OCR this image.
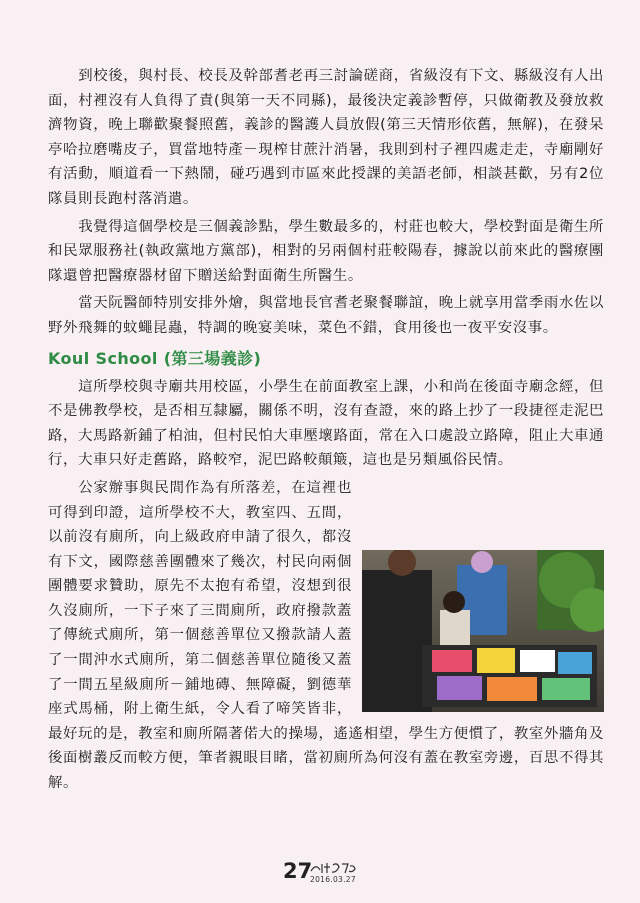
到校後，與村長、校長及幹部耆老再三討論磋商，省級沒有下文、縣級沒有人出面，村裡沒有人負得了責(與第一天不同縣)，最後決定義診暫停，只做衛教及發放救濟物資，晚上聯歡聚餐照舊，義診的醫護人員放假(第三天情形依舊，無解)，在發呆亭哈拉磨嘴皮子，買當地特產－現榨甘蔗汁消暑，我則到村子裡四處走走，寺廟剛好有活動，順道看一下熱鬧，碰巧遇到市區來此授課的美語老師，相談甚歡，另有2位隊員則長跑村落消遣。

我覺得這個學校是三個義診點，學生數最多的，村莊也較大，學校對面是衛生所和民眾服務社(執政黨地方黨部)，相對的另兩個村莊較陽春，據說以前來此的醫療團隊還曾把醫療器材留下贈送給對面衛生所醫生。

當天阮醫師特別安排外燴，與當地長官耆老聚餐聯誼，晚上就享用當季雨水佐以野外飛舞的蚊蠅昆蟲，特調的晚宴美味，菜色不錯，食用後也一夜平安沒事。

Koul School (第三場義診)

這所學校與寺廟共用校區，小學生在前面教室上課，小和尚在後面寺廟念經，但不是佛教學校，是否相互隸屬，關係不明，沒有查證，來的路上抄了一段捷徑走泥巴路，大馬路新鋪了柏油，但村民怕大車壓壞路面，常在入口處設立路障，阻止大車通行，大車只好走舊路，路較窄，泥巴路較顛簸，這也是另類風俗民情。

公家辦事與民間作為有所落差，在這裡也可得到印證，這所學校不大，教室四、五間，以前沒有廁所，向上級政府申請了很久，都沒有下文，國際慈善團體來了幾次，村民向兩個團體要求贊助，原先不太抱有希望，沒想到很久沒廁所，一下子來了三間廁所，政府撥款蓋了傳統式廁所，第一個慈善單位又撥款請人蓋了一間沖水式廁所，第二個慈善單位隨後又蓋了一間五星級廁所－鋪地磚、無障礙，劉德華座式馬桶，附上衛生紙，令人看了啼笑皆非，最好玩的是，教室和廁所隔著偌大的操場，遙遙相望，學生方便慣了，教室外牆角及後面樹叢反而較方便，筆者親眼目睹，當初廁所為何沒有蓋在教室旁邊，百思不得其解。

27
2016.03.27
